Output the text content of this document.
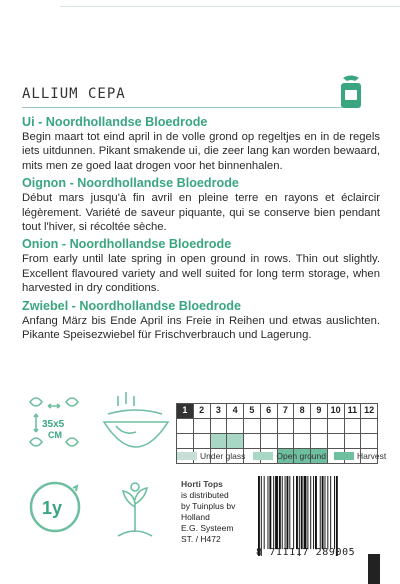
ALLIUM CEPA
Ui - Noordhollandse Bloedrode
Begin maart tot eind april in de volle grond op regeltjes en in de regels iets uitdunnen. Pikant smakende ui, die zeer lang kan worden bewaard, mits men ze goed laat drogen voor het binnenhalen.
Oignon - Noordhollandse Bloedrode
Début mars jusqu'à fin avril en pleine terre en rayons et éclaircir légèrement. Variété de saveur piquante, qui se conserve bien pendant tout l'hiver, si récoltée sèche.
Onion - Noordhollandse Bloedrode
From early until late spring in open ground in rows. Thin out slightly. Excellent flavoured variety and well suited for long term storage, when harvested in dry conditions.
Zwiebel - Noordhollandse Bloedrode
Anfang März bis Ende April ins Freie in Reihen und etwas auslichten. Pikante Speisezwiebel für Frischverbrauch und Lagerung.
35x5
CM
1y
1	2	3	4	5	6	7	8	9	10 11 12
Under glass	Open ground	Harvest
Horti Tops
is distributed
by Tuinplus bv
Holland
E.G. Systeem
ST. / H472
8 711117 289005
